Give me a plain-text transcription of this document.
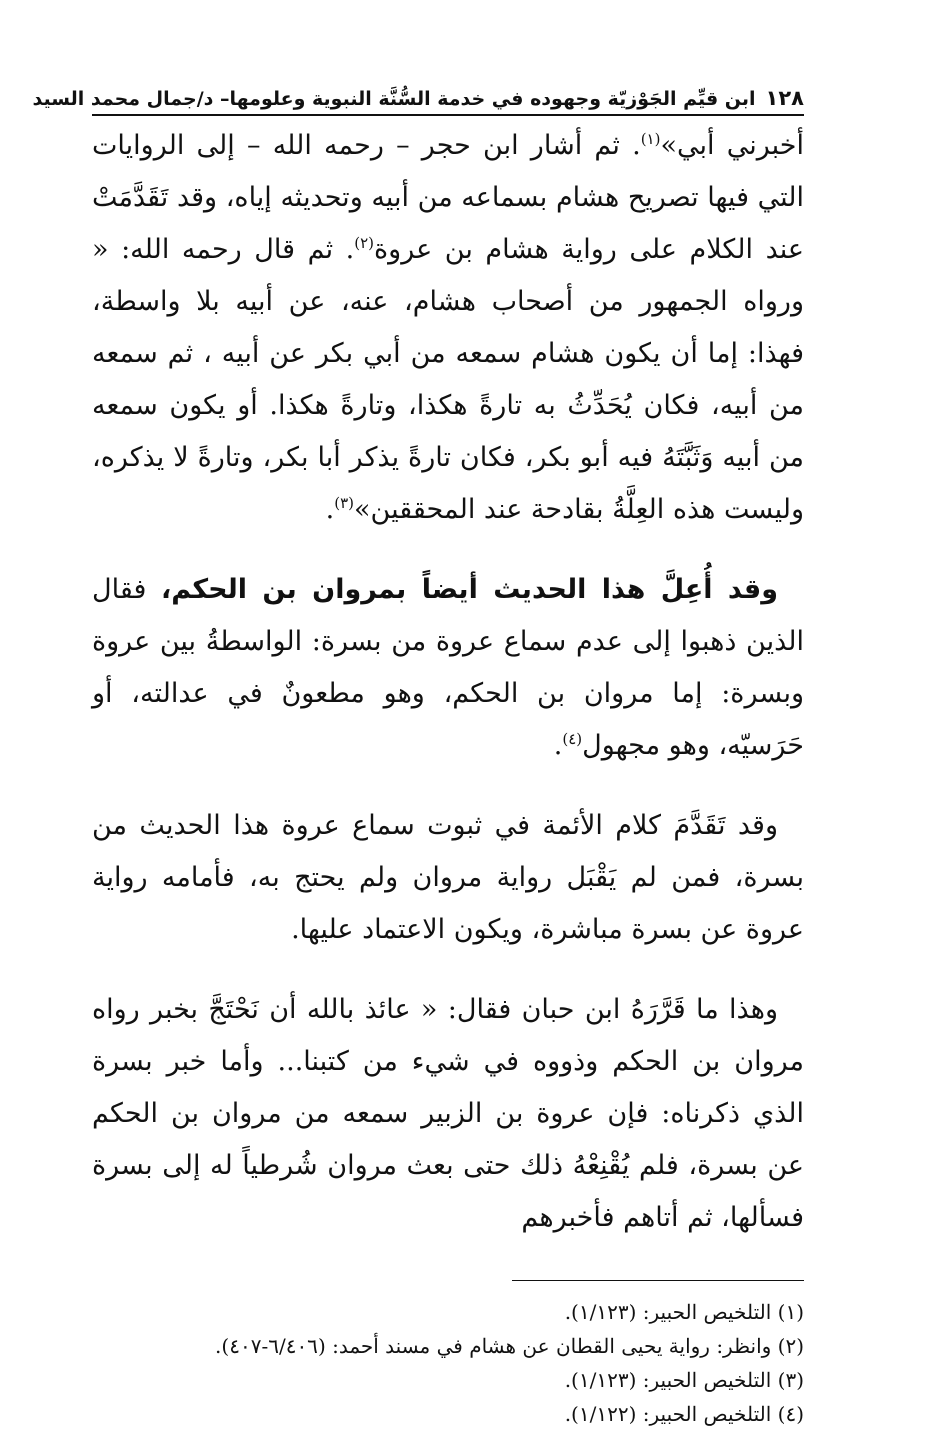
١٢٨
ابن قيِّم الجَوْزيّة وجهوده في خدمة السُّنَّة النبوية وعلومها– د/جمال محمد السيد

أخبرني أبي»$^{(١)}$. ثم أشار ابن حجر – رحمه الله – إلى الروايات التي فيها تصريح هشام بسماعه من أبيه وتحديثه إياه، وقد تَقَدَّمَتْ عند الكلام على رواية هشام بن عروة$^{(٢)}$. ثم قال رحمه الله: « ورواه الجمهور من أصحاب هشام، عنه، عن أبيه بلا واسطة، فهذا: إما أن يكون هشام سمعه من أبي بكر عن أبيه ، ثم سمعه من أبيه، فكان يُحَدِّثُ به تارةً هكذا، وتارةً هكذا. أو يكون سمعه من أبيه وَثَبَّتَهُ فيه أبو بكر، فكان تارةً يذكر أبا بكر، وتارةً لا يذكره، وليست هذه العِلَّةُ بقادحة عند المحققين»$^{(٣)}$.

وقد أُعِلَّ هذا الحديث أيضاً بمروان بن الحكم، فقال الذين ذهبوا إلى عدم سماع عروة من بسرة: الواسطةُ بين عروة وبسرة: إما مروان بن الحكم، وهو مطعونٌ في عدالته، أو حَرَسيّه، وهو مجهول$^{(٤)}$.

وقد تَقَدَّمَ كلام الأئمة في ثبوت سماع عروة هذا الحديث من بسرة، فمن لم يَقْبَل رواية مروان ولم يحتج به، فأمامه رواية عروة عن بسرة مباشرة، ويكون الاعتماد عليها.

وهذا ما قَرَّرَهُ ابن حبان فقال: « عائذ بالله أن نَحْتَجَّ بخبر رواه مروان بن الحكم وذووه في شيء من كتبنا... وأما خبر بسرة الذي ذكرناه: فإن عروة بن الزبير سمعه من مروان بن الحكم عن بسرة، فلم يُقْنِعْهُ ذلك حتى بعث مروان شُرطياً له إلى بسرة فسألها، ثم أتاهم فأخبرهم

(١) التلخيص الحبير: (١/١٢٣).
(٢) وانظر: رواية يحيى القطان عن هشام في مسند أحمد: (٦/٤٠٦-٤٠٧).
(٣) التلخيص الحبير: (١/١٢٣).
(٤) التلخيص الحبير: (١/١٢٢).
